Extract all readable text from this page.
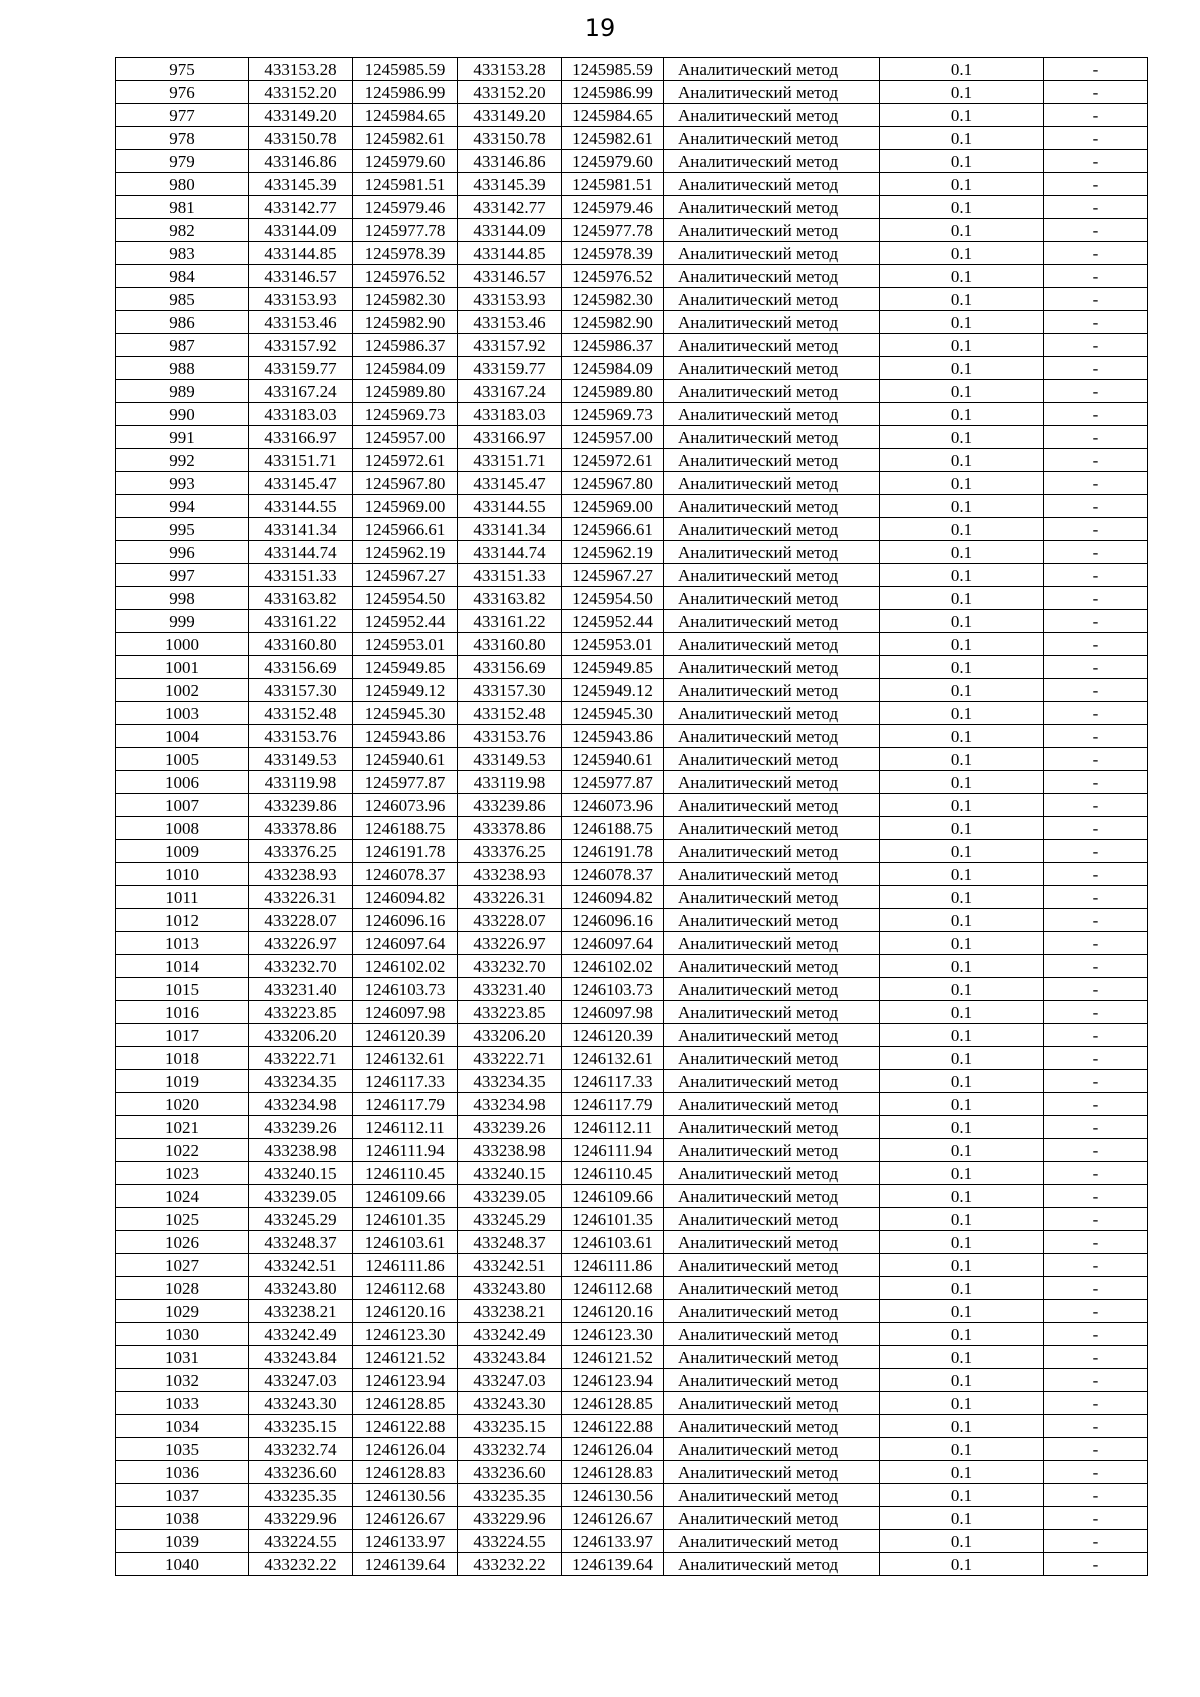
19
975	433153.28	1245985.59	433153.28	1245985.59	Аналитический метод	0.1	-
976	433152.20	1245986.99	433152.20	1245986.99	Аналитический метод	0.1	-
977	433149.20	1245984.65	433149.20	1245984.65	Аналитический метод	0.1	-
978	433150.78	1245982.61	433150.78	1245982.61	Аналитический метод	0.1	-
979	433146.86	1245979.60	433146.86	1245979.60	Аналитический метод	0.1	-
980	433145.39	1245981.51	433145.39	1245981.51	Аналитический метод	0.1	-
981	433142.77	1245979.46	433142.77	1245979.46	Аналитический метод	0.1	-
982	433144.09	1245977.78	433144.09	1245977.78	Аналитический метод	0.1	-
983	433144.85	1245978.39	433144.85	1245978.39	Аналитический метод	0.1	-
984	433146.57	1245976.52	433146.57	1245976.52	Аналитический метод	0.1	-
985	433153.93	1245982.30	433153.93	1245982.30	Аналитический метод	0.1	-
986	433153.46	1245982.90	433153.46	1245982.90	Аналитический метод	0.1	-
987	433157.92	1245986.37	433157.92	1245986.37	Аналитический метод	0.1	-
988	433159.77	1245984.09	433159.77	1245984.09	Аналитический метод	0.1	-
989	433167.24	1245989.80	433167.24	1245989.80	Аналитический метод	0.1	-
990	433183.03	1245969.73	433183.03	1245969.73	Аналитический метод	0.1	-
991	433166.97	1245957.00	433166.97	1245957.00	Аналитический метод	0.1	-
992	433151.71	1245972.61	433151.71	1245972.61	Аналитический метод	0.1	-
993	433145.47	1245967.80	433145.47	1245967.80	Аналитический метод	0.1	-
994	433144.55	1245969.00	433144.55	1245969.00	Аналитический метод	0.1	-
995	433141.34	1245966.61	433141.34	1245966.61	Аналитический метод	0.1	-
996	433144.74	1245962.19	433144.74	1245962.19	Аналитический метод	0.1	-
997	433151.33	1245967.27	433151.33	1245967.27	Аналитический метод	0.1	-
998	433163.82	1245954.50	433163.82	1245954.50	Аналитический метод	0.1	-
999	433161.22	1245952.44	433161.22	1245952.44	Аналитический метод	0.1	-
1000	433160.80	1245953.01	433160.80	1245953.01	Аналитический метод	0.1	-
1001	433156.69	1245949.85	433156.69	1245949.85	Аналитический метод	0.1	-
1002	433157.30	1245949.12	433157.30	1245949.12	Аналитический метод	0.1	-
1003	433152.48	1245945.30	433152.48	1245945.30	Аналитический метод	0.1	-
1004	433153.76	1245943.86	433153.76	1245943.86	Аналитический метод	0.1	-
1005	433149.53	1245940.61	433149.53	1245940.61	Аналитический метод	0.1	-
1006	433119.98	1245977.87	433119.98	1245977.87	Аналитический метод	0.1	-
1007	433239.86	1246073.96	433239.86	1246073.96	Аналитический метод	0.1	-
1008	433378.86	1246188.75	433378.86	1246188.75	Аналитический метод	0.1	-
1009	433376.25	1246191.78	433376.25	1246191.78	Аналитический метод	0.1	-
1010	433238.93	1246078.37	433238.93	1246078.37	Аналитический метод	0.1	-
1011	433226.31	1246094.82	433226.31	1246094.82	Аналитический метод	0.1	-
1012	433228.07	1246096.16	433228.07	1246096.16	Аналитический метод	0.1	-
1013	433226.97	1246097.64	433226.97	1246097.64	Аналитический метод	0.1	-
1014	433232.70	1246102.02	433232.70	1246102.02	Аналитический метод	0.1	-
1015	433231.40	1246103.73	433231.40	1246103.73	Аналитический метод	0.1	-
1016	433223.85	1246097.98	433223.85	1246097.98	Аналитический метод	0.1	-
1017	433206.20	1246120.39	433206.20	1246120.39	Аналитический метод	0.1	-
1018	433222.71	1246132.61	433222.71	1246132.61	Аналитический метод	0.1	-
1019	433234.35	1246117.33	433234.35	1246117.33	Аналитический метод	0.1	-
1020	433234.98	1246117.79	433234.98	1246117.79	Аналитический метод	0.1	-
1021	433239.26	1246112.11	433239.26	1246112.11	Аналитический метод	0.1	-
1022	433238.98	1246111.94	433238.98	1246111.94	Аналитический метод	0.1	-
1023	433240.15	1246110.45	433240.15	1246110.45	Аналитический метод	0.1	-
1024	433239.05	1246109.66	433239.05	1246109.66	Аналитический метод	0.1	-
1025	433245.29	1246101.35	433245.29	1246101.35	Аналитический метод	0.1	-
1026	433248.37	1246103.61	433248.37	1246103.61	Аналитический метод	0.1	-
1027	433242.51	1246111.86	433242.51	1246111.86	Аналитический метод	0.1	-
1028	433243.80	1246112.68	433243.80	1246112.68	Аналитический метод	0.1	-
1029	433238.21	1246120.16	433238.21	1246120.16	Аналитический метод	0.1	-
1030	433242.49	1246123.30	433242.49	1246123.30	Аналитический метод	0.1	-
1031	433243.84	1246121.52	433243.84	1246121.52	Аналитический метод	0.1	-
1032	433247.03	1246123.94	433247.03	1246123.94	Аналитический метод	0.1	-
1033	433243.30	1246128.85	433243.30	1246128.85	Аналитический метод	0.1	-
1034	433235.15	1246122.88	433235.15	1246122.88	Аналитический метод	0.1	-
1035	433232.74	1246126.04	433232.74	1246126.04	Аналитический метод	0.1	-
1036	433236.60	1246128.83	433236.60	1246128.83	Аналитический метод	0.1	-
1037	433235.35	1246130.56	433235.35	1246130.56	Аналитический метод	0.1	-
1038	433229.96	1246126.67	433229.96	1246126.67	Аналитический метод	0.1	-
1039	433224.55	1246133.97	433224.55	1246133.97	Аналитический метод	0.1	-
1040	433232.22	1246139.64	433232.22	1246139.64	Аналитический метод	0.1	-
